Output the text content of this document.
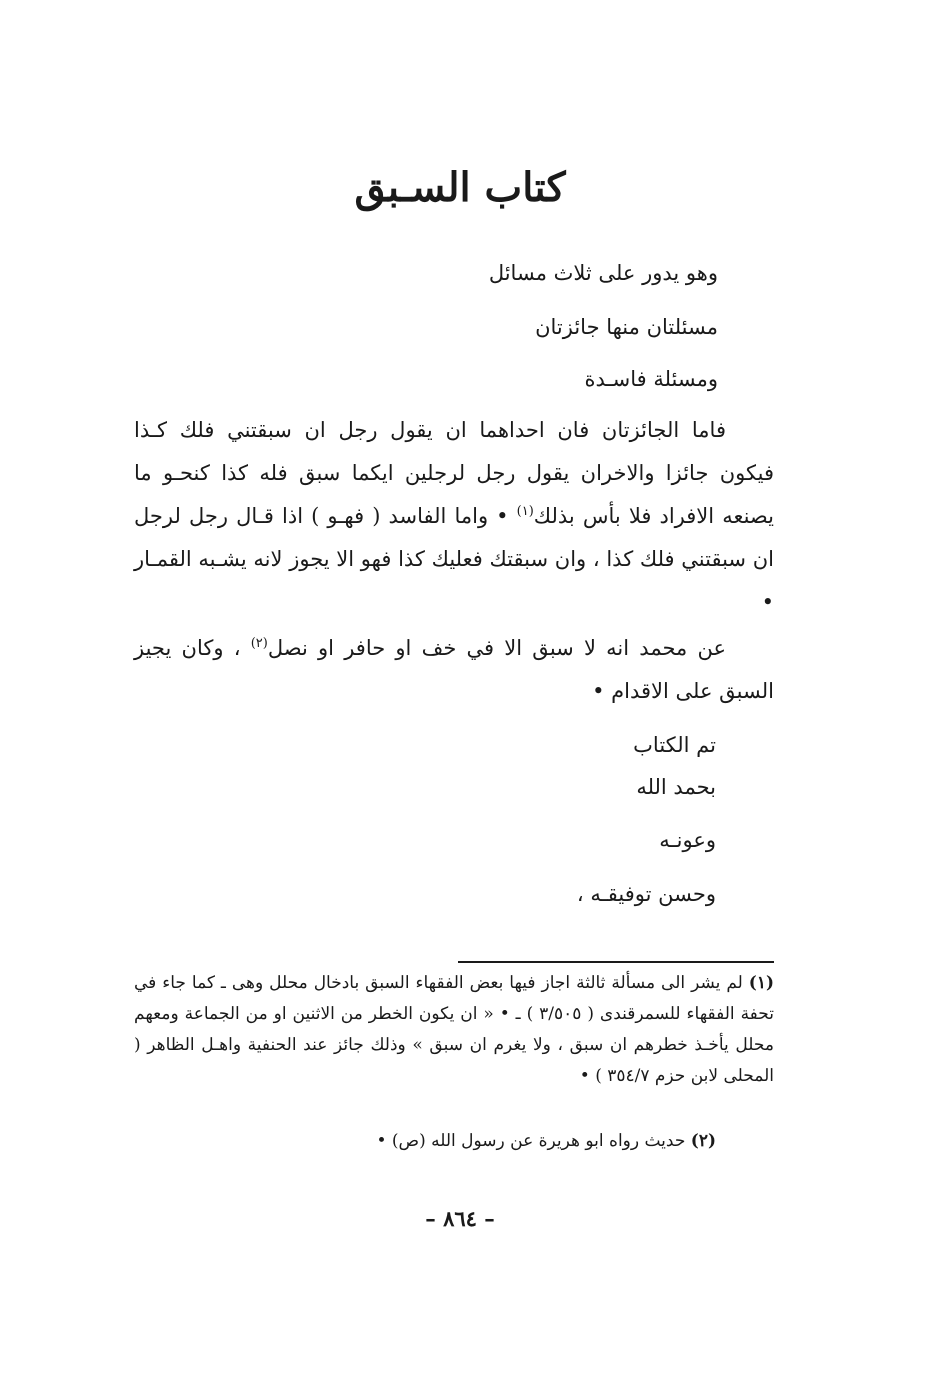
كتاب السـبق
وهو يدور على ثلاث مسائل
مسئلتان منها جائزتان
ومسئلة فاسـدة
فاما الجائزتان فان احداهما ان يقول رجل ان سبقتني فلك كـذا فيكون جائزا والاخران يقول رجل لرجلين ايكما سبق فله كذا كنحـو ما يصنعه الافراد فلا بأس بذلك$^{(١)}$ • واما الفاسد ( فهـو ) اذا قـال رجل لرجل ان سبقتني فلك كذا ، وان سبقتك فعليك كذا فهو الا يجوز لانه يشـبه القمـار •
عن محمد انه لا سبق الا في خف او حافر او نصل$^{(٢)}$ ، وكان يجيز السبق على الاقدام •
تم الكتاب
بحمد الله
وعونـه
وحسن توفيقـه ،
(١) لم يشر الى مسألة ثالثة اجاز فيها بعض الفقهاء السبق بادخال محلل وهى ـ كما جاء في تحفة الفقهاء للسمرقندى ( ٣/٥٠٥ ) ـ • « ان يكون الخطر من الاثنين او من الجماعة ومعهم محلل يأخـذ خطرهم ان سبق ، ولا يغرم ان سبق » وذلك جائز عند الحنفية واهـل الظاهر ( المحلى لابن حزم ٣٥٤/٧ ) •
(٢) حديث رواه ابو هريرة عن رسول الله (ص) •
– ٨٦٤ –
